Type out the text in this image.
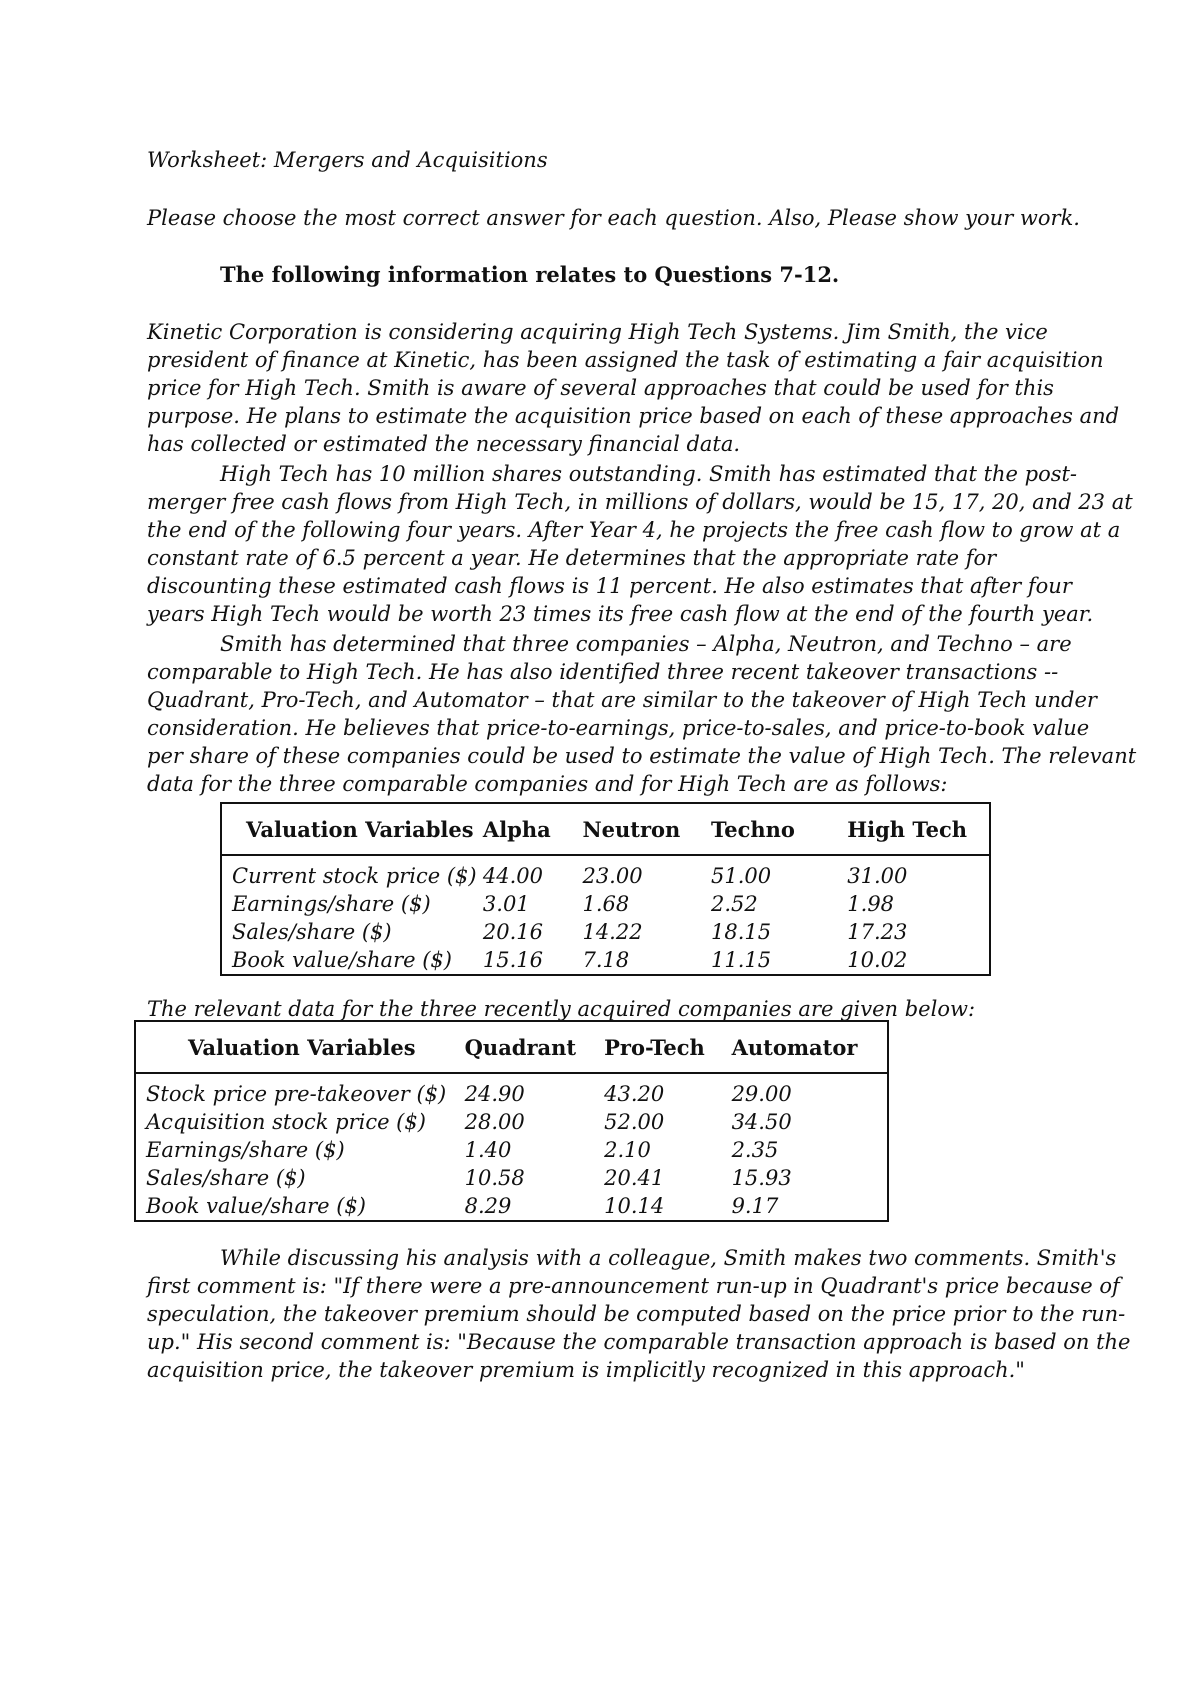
Worksheet: Mergers and Acquisitions
Please choose the most correct answer for each question. Also, Please show your work.
The following information relates to Questions 7-12.
Kinetic Corporation is considering acquiring High Tech Systems. Jim Smith, the vice
president of finance at Kinetic, has been assigned the task of estimating a fair acquisition
price for High Tech. Smith is aware of several approaches that could be used for this
purpose. He plans to estimate the acquisition price based on each of these approaches and
has collected or estimated the necessary financial data.
High Tech has 10 million shares outstanding. Smith has estimated that the post-
merger free cash flows from High Tech, in millions of dollars, would be 15, 17, 20, and 23 at
the end of the following four years. After Year 4, he projects the free cash flow to grow at a
constant rate of 6.5 percent a year. He determines that the appropriate rate for
discounting these estimated cash flows is 11 percent. He also estimates that after four
years High Tech would be worth 23 times its free cash flow at the end of the fourth year.
Smith has determined that three companies – Alpha, Neutron, and Techno – are
comparable to High Tech. He has also identified three recent takeover transactions --
Quadrant, Pro-Tech, and Automator – that are similar to the takeover of High Tech under
consideration. He believes that price-to-earnings, price-to-sales, and price-to-book value
per share of these companies could be used to estimate the value of High Tech. The relevant
data for the three comparable companies and for High Tech are as follows:
Valuation Variables	Alpha	Neutron	Techno	High Tech
Current stock price ($)	44.00	23.00	51.00	31.00
Earnings/share ($)	3.01	1.68	2.52	1.98
Sales/share ($)	20.16	14.22	18.15	17.23
Book value/share ($)	15.16	7.18	11.15	10.02
The relevant data for the three recently acquired companies are given below:
Valuation Variables	Quadrant	Pro-Tech	Automator
Stock price pre-takeover ($)	24.90	43.20	29.00
Acquisition stock price ($)	28.00	52.00	34.50
Earnings/share ($)	1.40	2.10	2.35
Sales/share ($)	10.58	20.41	15.93
Book value/share ($)	8.29	10.14	9.17
While discussing his analysis with a colleague, Smith makes two comments. Smith's
first comment is: "If there were a pre-announcement run-up in Quadrant's price because of
speculation, the takeover premium should be computed based on the price prior to the run-
up." His second comment is: "Because the comparable transaction approach is based on the
acquisition price, the takeover premium is implicitly recognized in this approach."
